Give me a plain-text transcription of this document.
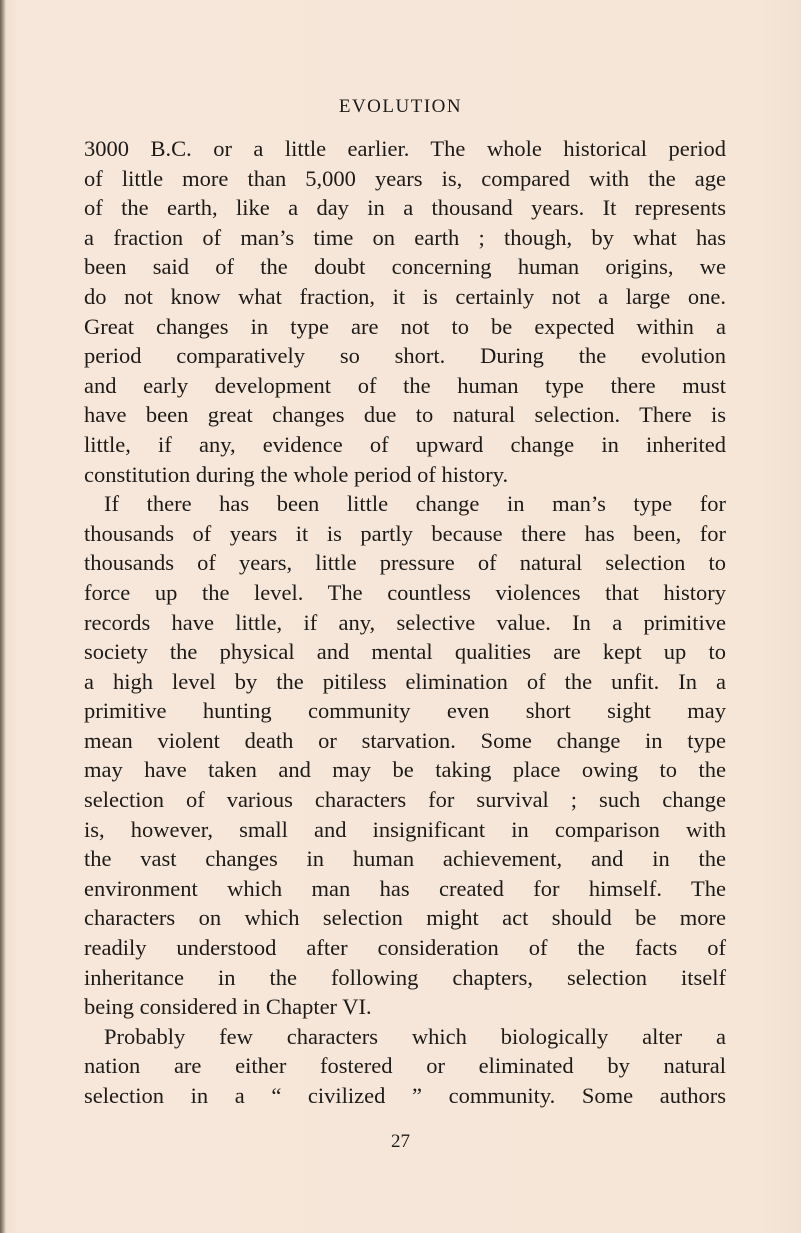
EVOLUTION
3000 B.C. or a little earlier. The whole historical period
of little more than 5,000 years is, compared with the age
of the earth, like a day in a thousand years. It represents
a fraction of man’s time on earth ; though, by what has
been said of the doubt concerning human origins, we
do not know what fraction, it is certainly not a large one.
Great changes in type are not to be expected within a
period comparatively so short. During the evolution
and early development of the human type there must
have been great changes due to natural selection. There is
little, if any, evidence of upward change in inherited
constitution during the whole period of history.
If there has been little change in man’s type for
thousands of years it is partly because there has been, for
thousands of years, little pressure of natural selection to
force up the level. The countless violences that history
records have little, if any, selective value. In a primitive
society the physical and mental qualities are kept up to
a high level by the pitiless elimination of the unfit. In a
primitive hunting community even short sight may
mean violent death or starvation. Some change in type
may have taken and may be taking place owing to the
selection of various characters for survival ; such change
is, however, small and insignificant in comparison with
the vast changes in human achievement, and in the
environment which man has created for himself. The
characters on which selection might act should be more
readily understood after consideration of the facts of
inheritance in the following chapters, selection itself
being considered in Chapter VI.
Probably few characters which biologically alter a
nation are either fostered or eliminated by natural
selection in a “ civilized ” community. Some authors
27
